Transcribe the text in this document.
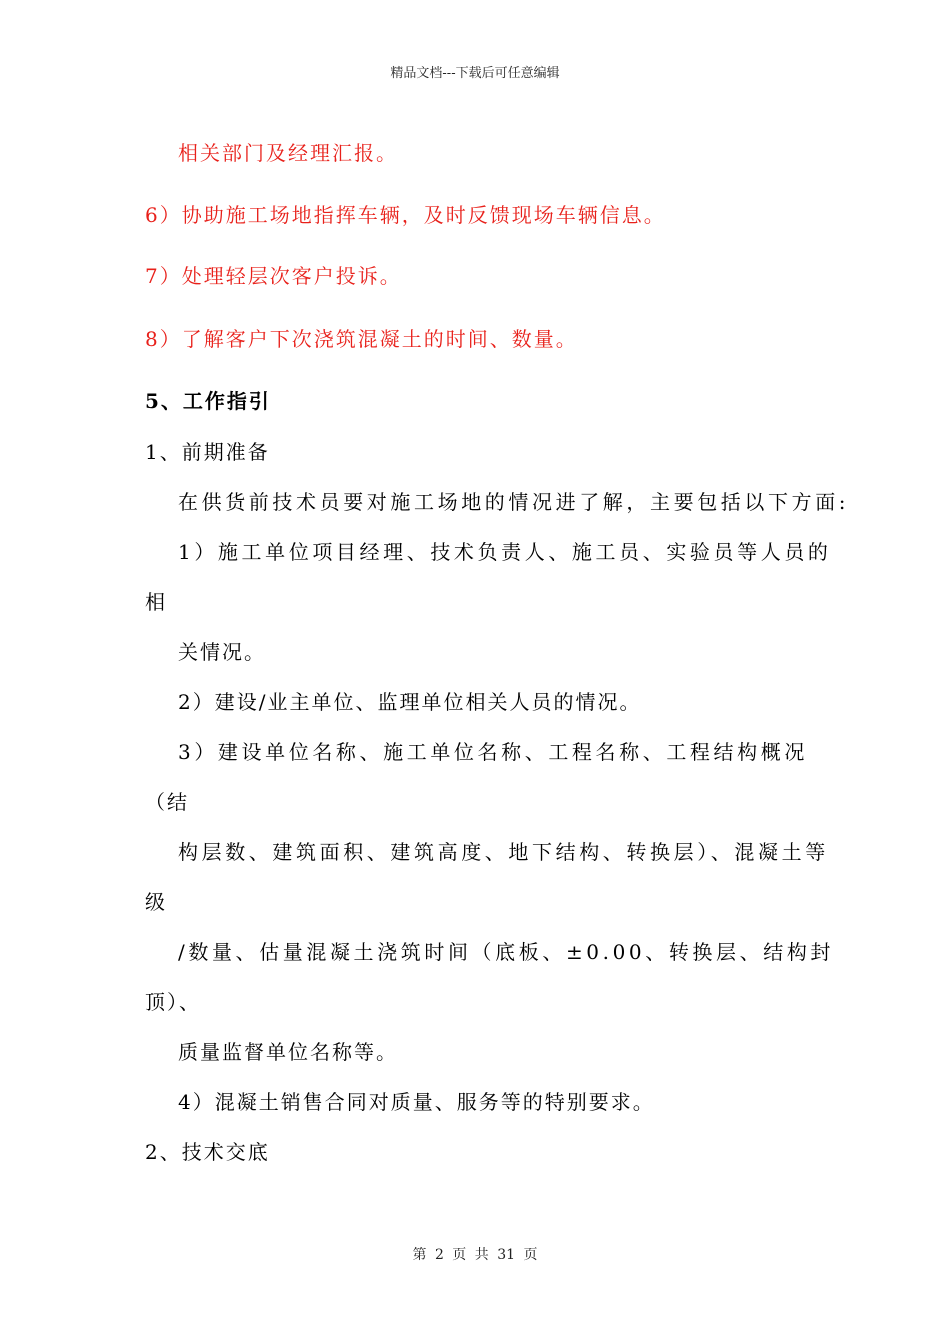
精品文档---下载后可任意编辑
相关部门及经理汇报。
6）协助施工场地指挥车辆，及时反馈现场车辆信息。
7）处理轻层次客户投诉。
8）了解客户下次浇筑混凝土的时间、数量。
5、工作指引
1、前期准备
在供货前技术员要对施工场地的情况进了解，主要包括以下方面:
1）施工单位项目经理、技术负责人、施工员、实验员等人员的
相
关情况。
2）建设/业主单位、监理单位相关人员的情况。
3）建设单位名称、施工单位名称、工程名称、工程结构概况
（结
构层数、建筑面积、建筑高度、地下结构、转换层）、混凝土等
级
/数量、估量混凝土浇筑时间（底板、±0.00、转换层、结构封
顶）、
质量监督单位名称等。
4）混凝土销售合同对质量、服务等的特别要求。
2、技术交底
第 2 页 共 31 页
